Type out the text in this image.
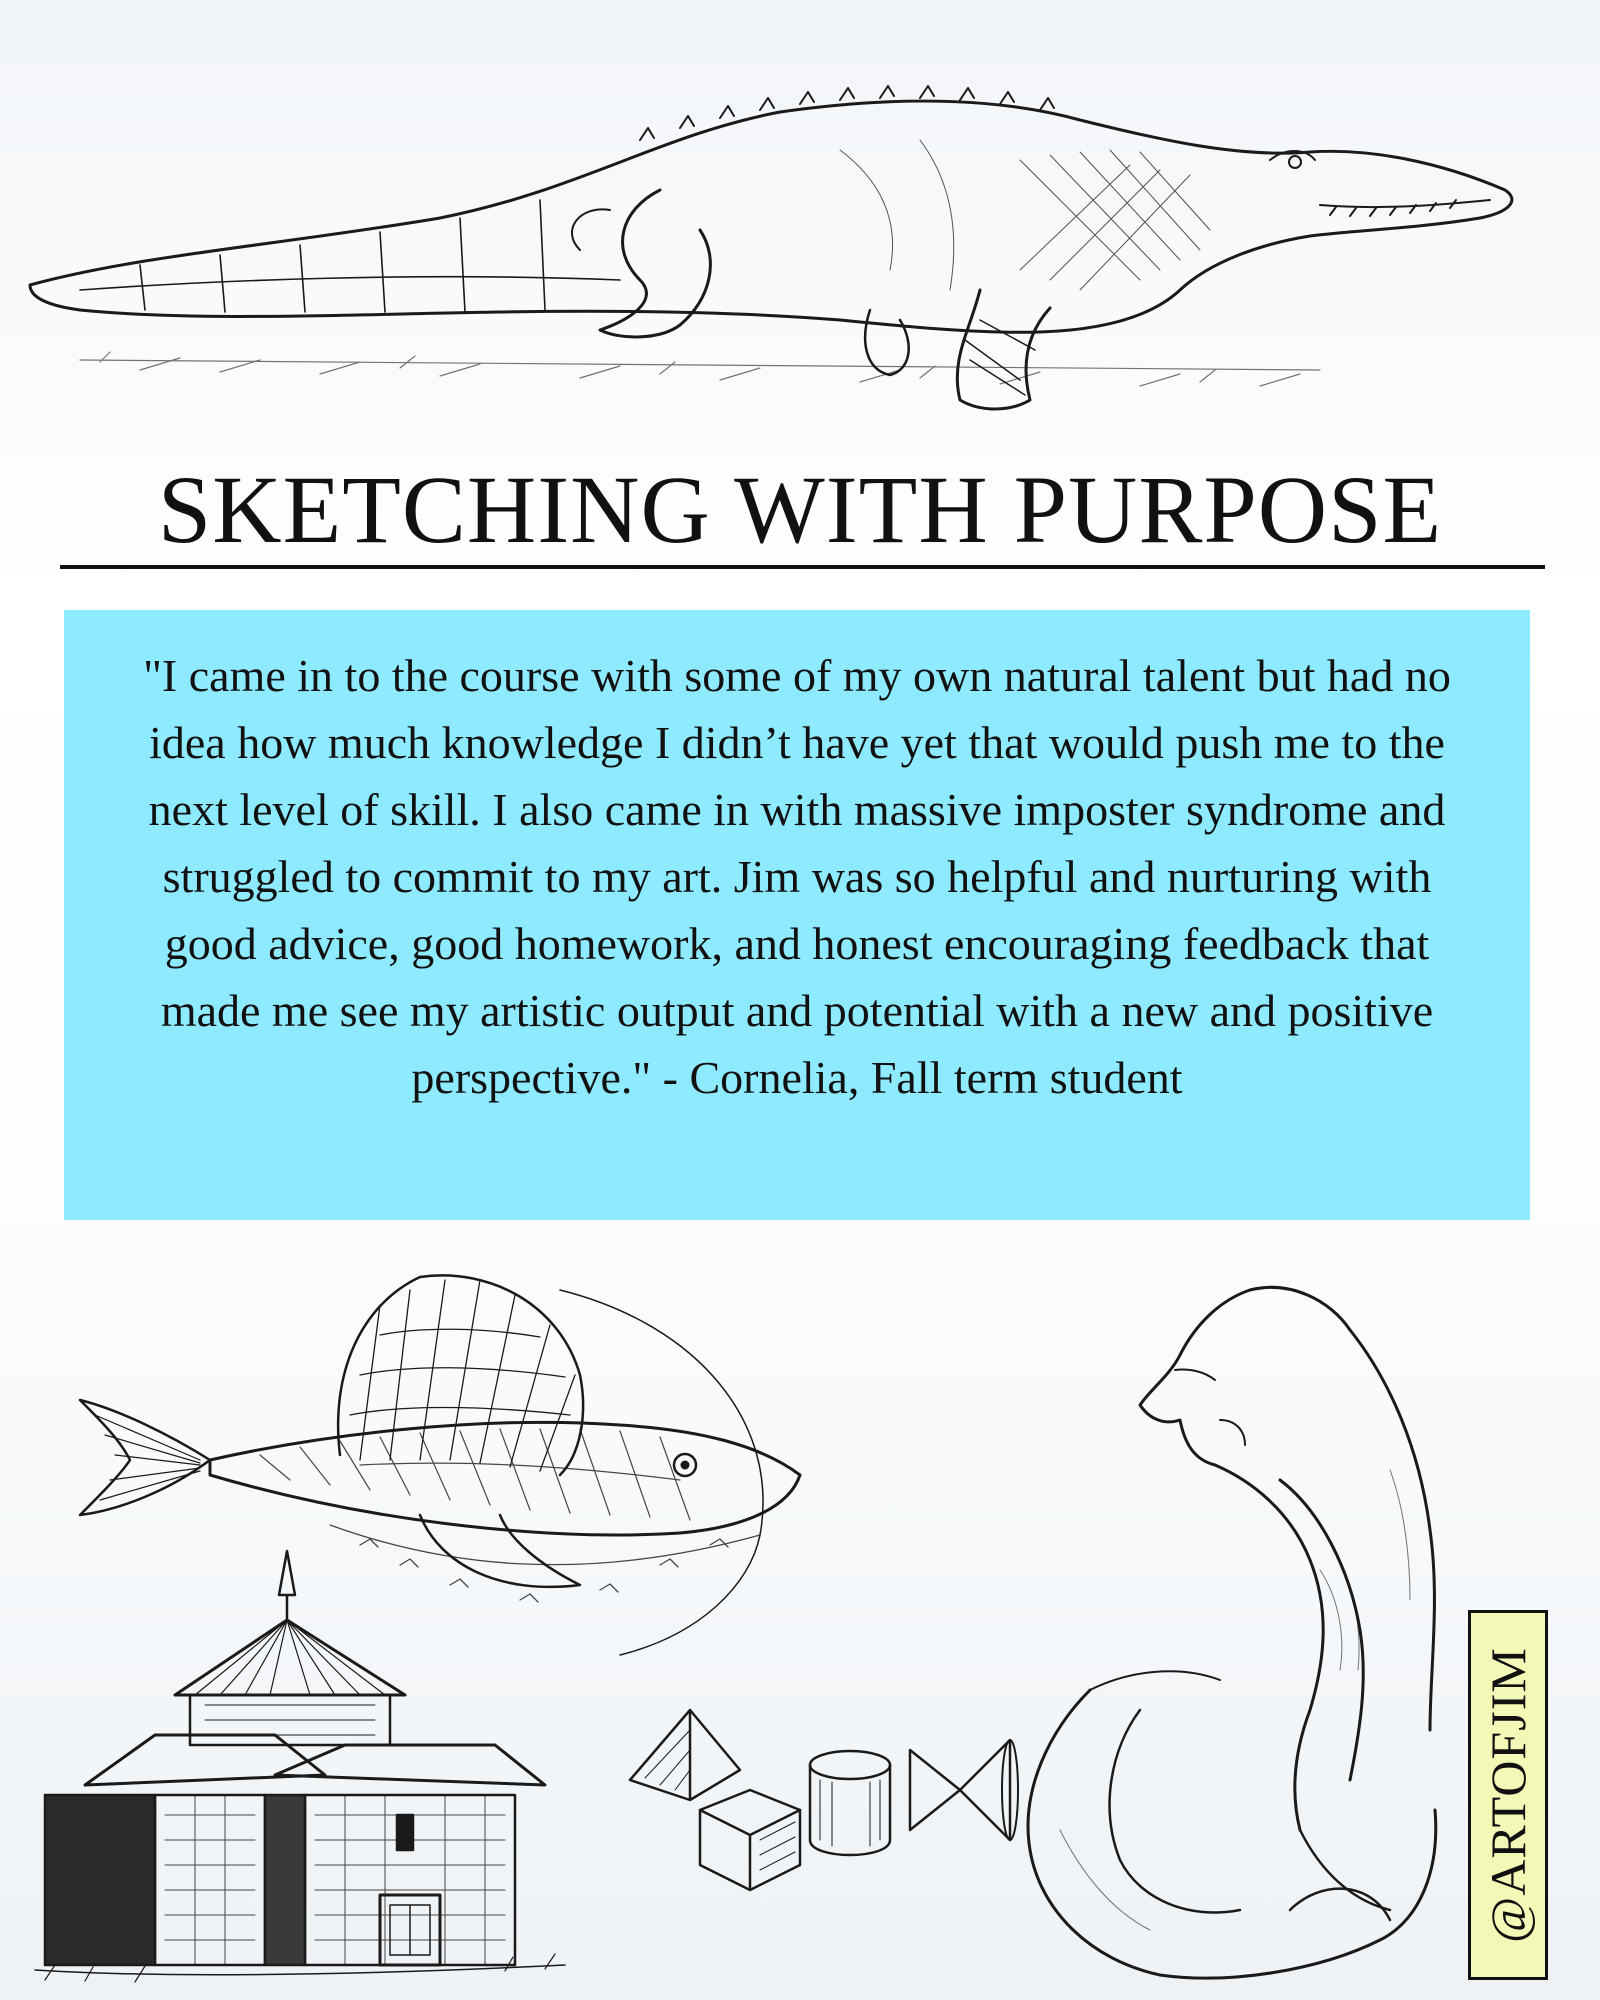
SKETCHING WITH PURPOSE

"I came in to the course with some of my own natural talent but had no idea how much knowledge I didn’t have yet that would push me to the next level of skill. I also came in with massive imposter syndrome and struggled to commit to my art. Jim was so helpful and nurturing with good advice, good homework, and honest encouraging feedback that made me see my artistic output and potential with a new and positive perspective." - Cornelia, Fall term student

@ARTOFJIM
